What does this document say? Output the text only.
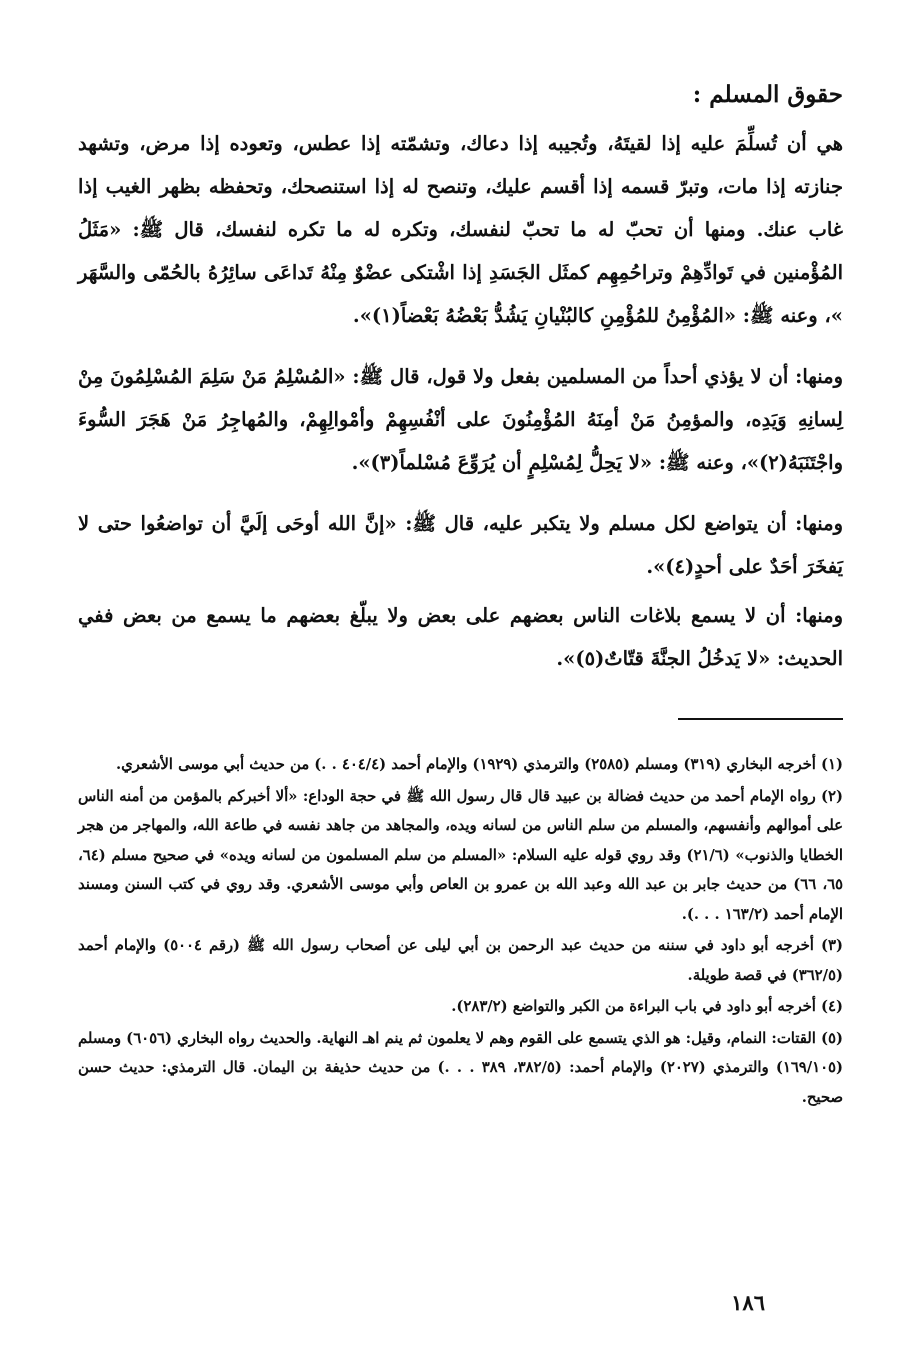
حقوق المسلم :

هي أن تُسلِّمَ عليه إذا لقيتَهُ، وتُجيبه إذا دعاك، وتشمّته إذا عطس، وتعوده إذا مرض، وتشهد جنازته إذا مات، وتبرّ قسمه إذا أقسم عليك، وتنصح له إذا استنصحك، وتحفظه بظهر الغيب إذا غاب عنك. ومنها أن تحبّ له ما تحبّ لنفسك، وتكره له ما تكره لنفسك، قال ﷺ: «مَثَلُ المُؤْمنين في تَوادِّهِمْ وتراحُمِهِم كمثَل الجَسَدِ إذا اشْتكى عضْوٌ مِنْهُ تَداعَى سائِرُهُ بالحُمّى والسَّهَر »، وعنه ﷺ: «المُؤْمِنُ للمُؤْمِنِ كالبُنْيانِ يَشُدُّ بَعْضُهُ بَعْضاً(١)».

ومنها: أن لا يؤذي أحداً من المسلمين بفعل ولا قول، قال ﷺ: «المُسْلِمُ مَنْ سَلِمَ المُسْلِمُونَ مِنْ لِسانِهِ وَيَدِه، والمؤمِنُ مَنْ أمِنَهُ المُؤْمِنُونَ على أنْفُسِهِمْ وأمْوالِهِمْ، والمُهاجِرُ مَنْ هَجَرَ السُّوءَ واجْتَنَبَهُ(٢)»، وعنه ﷺ: «لا يَحِلُّ لِمُسْلِمٍ أن يُرَوِّعَ مُسْلماً(٣)».

ومنها: أن يتواضع لكل مسلم ولا يتكبر عليه، قال ﷺ: «إنَّ الله أوحَى إلَيَّ أن تواضعُوا حتى لا يَفخَرَ أحَدٌ على أحدٍ(٤)».

ومنها: أن لا يسمع بلاغات الناس بعضهم على بعض ولا يبلّغ بعضهم ما يسمع من بعض ففي الحديث: «لا يَدخُلُ الجنَّةَ قتّاتٌ(٥)».

(١) أخرجه البخاري (٣١٩) ومسلم (٢٥٨٥) والترمذي (١٩٢٩) والإمام أحمد (٤٠٤/٤ . .) من حديث أبي موسى الأشعري.

(٢) رواه الإمام أحمد من حديث فضالة بن عبيد قال قال رسول الله ﷺ في حجة الوداع: «ألا أخبركم بالمؤمن من أمنه الناس على أموالهم وأنفسهم، والمسلم من سلم الناس من لسانه ويده، والمجاهد من جاهد نفسه في طاعة الله، والمهاجر من هجر الخطايا والذنوب» (٢١/٦) وقد روي قوله عليه السلام: «المسلم من سلم المسلمون من لسانه ويده» في صحيح مسلم (٦٤، ٦٥، ٦٦) من حديث جابر بن عبد الله وعبد الله بن عمرو بن العاص وأبي موسى الأشعري. وقد روي في كتب السنن ومسند الإمام أحمد (١٦٣/٢ . . .).

(٣) أخرجه أبو داود في سننه من حديث عبد الرحمن بن أبي ليلى عن أصحاب رسول الله ﷺ (رقم ٥٠٠٤) والإمام أحمد (٣٦٢/٥) في قصة طويلة.

(٤) أخرجه أبو داود في باب البراءة من الكبر والتواضع (٢٨٣/٢).

(٥) القتات: النمام، وقيل: هو الذي يتسمع على القوم وهم لا يعلمون ثم ينم اهـ النهاية. والحديث رواه البخاري (٦٠٥٦) ومسلم (١٦٩/١٠٥) والترمذي (٢٠٢٧) والإمام أحمد: (٣٨٢/٥، ٣٨٩ . . .) من حديث حذيفة بن اليمان. قال الترمذي: حديث حسن صحيح.

١٨٦
